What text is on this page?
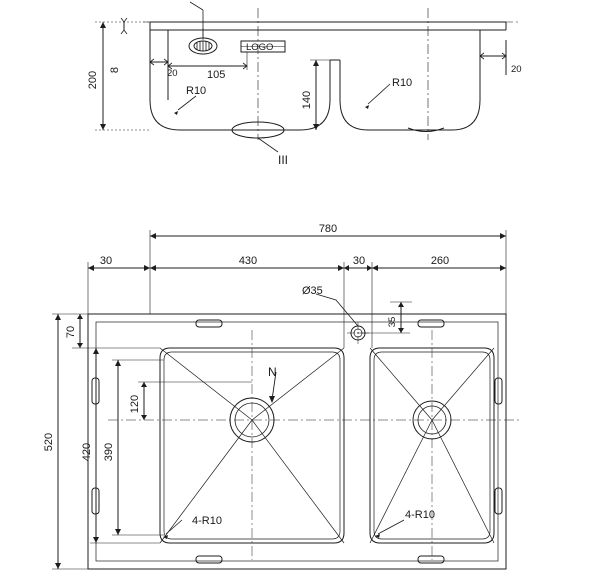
200
8	20	105
R10
R10
140
20
LOGO
III
780
30	430	30	260
Ø35
35
70
520
420 390
120
N
4-R10	4-R10
